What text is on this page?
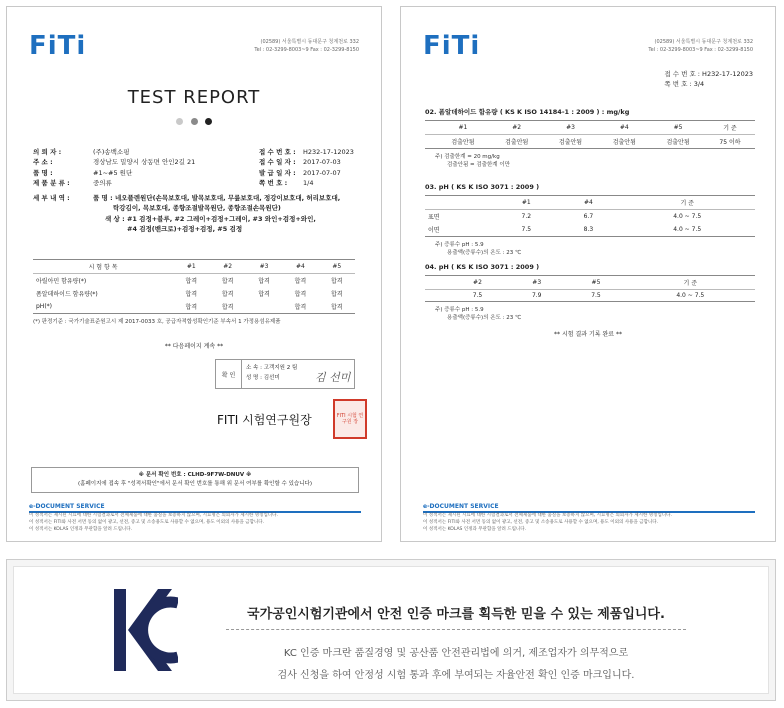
FiTi	(02589) 서울특별시 동대문구 청계천로 332
Tel : 02-3299-8003~9 Fax : 02-3299-8150
TEST REPORT

의 뢰 자 :	(주)송백소핑
주 소 :	경상남도 밀양시 상동면 안인2길 21
품 명 :	#1~#5 원단
제 품 분 류 :	중의류
접 수 번 호 :	H232-17-12023
접 수 일 자 :	2017-07-03
발 급 일 자 :	2017-07-07
쪽 번 호 :	1/4
세 부 내 역 :	품 명 : 네오플렌원단(손목보호대, 발목보호대, 무릎보호대, 정강이보호대, 허리보호대,
탁강김이, 목보호대, 종향조절발목원단, 종향조절손목원단)
색 상 : #1 검정+블루, #2 그레이+검정+그레이, #3 와인+검정+와인,
#4 검정(밴크로)+검정+검정, #5 검정
시 험 항 목	#1	#2	#3	#4	#5
아릴아민 함유량(*)	합격	합격	합격	합격	합격
폼알데하이드 함유량(*)	합격	합격	합격	합격	합격
pH(*)	합격	합격		합격	합격
(*) 판정기준 : 국가기술표준원고시 제 2017-0033 호, 공급자적합성확인기준 부속서 1 가정용섬유제품
** 다음페이지 계속 **
확 인
소 속 : 고객지원 2 팀
성 명 : 김선미	김 선미
FITI 시험연구원장	FITI 시험 연구원 장
※ 문서 확인 번호 : CLHD-9F7W-DNUV ※
(홈페이지에 접속 후 "성적서확인"에서 문서 확인 번호를 통해 위 문서 여부를 확인할 수 있습니다)
e-DOCUMENT SERVICE
이 성적서는 제시된 시료에 대한 시험결과로서 전체제품에 대한 품질을 보증하지 않으며, 시료명은 의뢰자가 제시한 명칭입니다.
이 성적서는 FITI와 사전 서면 동의 없이 광고, 선전, 증고 및 소송용도로 사용할 수 없으며, 용도 이외의 사용을 금합니다.
이 성적서는 KOLAS 인정과 무관함을 알려 드립니다.
FiTi	(02589) 서울특별시 동대문구 청계천로 332
Tel : 02-3299-8003~9 Fax : 02-3299-8150
접 수 번 호 : H232-17-12023
쪽 번 호 : 3/4
02. 폼알데하이드 함유량 ( KS K ISO 14184-1 : 2009 ) : mg/kg
	#1	#2	#3	#4	#5	기 준
	검출안됨	검출안됨	검출안됨	검출안됨	검출안됨	75 이하
주) 검출한계 = 20 mg/kg
검출안됨 = 검출한계 이만
03. pH ( KS K ISO 3071 : 2009 )
	#1	#4	기 준
표면	7.2	6.7	4.0 ~ 7.5
이면	7.5	8.3	4.0 ~ 7.5
주) 증류수 pH : 5.9
용출액(증류수)의 온도 : 23 ℃
04. pH ( KS K ISO 3071 : 2009 )
	#2	#3	#5	기 준
	7.5	7.9	7.5	4.0 ~ 7.5
주) 증류수 pH : 5.9
용출액(증류수)의 온도 : 23 ℃
** 시험 결과 기록 완료 **
e-DOCUMENT SERVICE
이 성적서는 제시된 시료에 대한 시험결과로서 전체제품에 대한 품질을 보증하지 않으며, 시료명은 의뢰자가 제시한 명칭입니다.
이 성적서는 FITI와 사전 서면 동의 없이 광고, 선전, 증고 및 소송용도로 사용할 수 없으며, 용도 이외의 사용을 금합니다.
이 성적서는 KOLAS 인정과 무관함을 알려 드립니다.
국가공인시험기관에서 안전 인증 마크를 획득한 믿을 수 있는 제품입니다.
KC 인증 마크란 품질경영 및 공산품 안전관리법에 의거, 제조업자가 의무적으로
검사 신청을 하여 안정성 시험 통과 후에 부여되는 자율안전 확인 인증 마크입니다.
